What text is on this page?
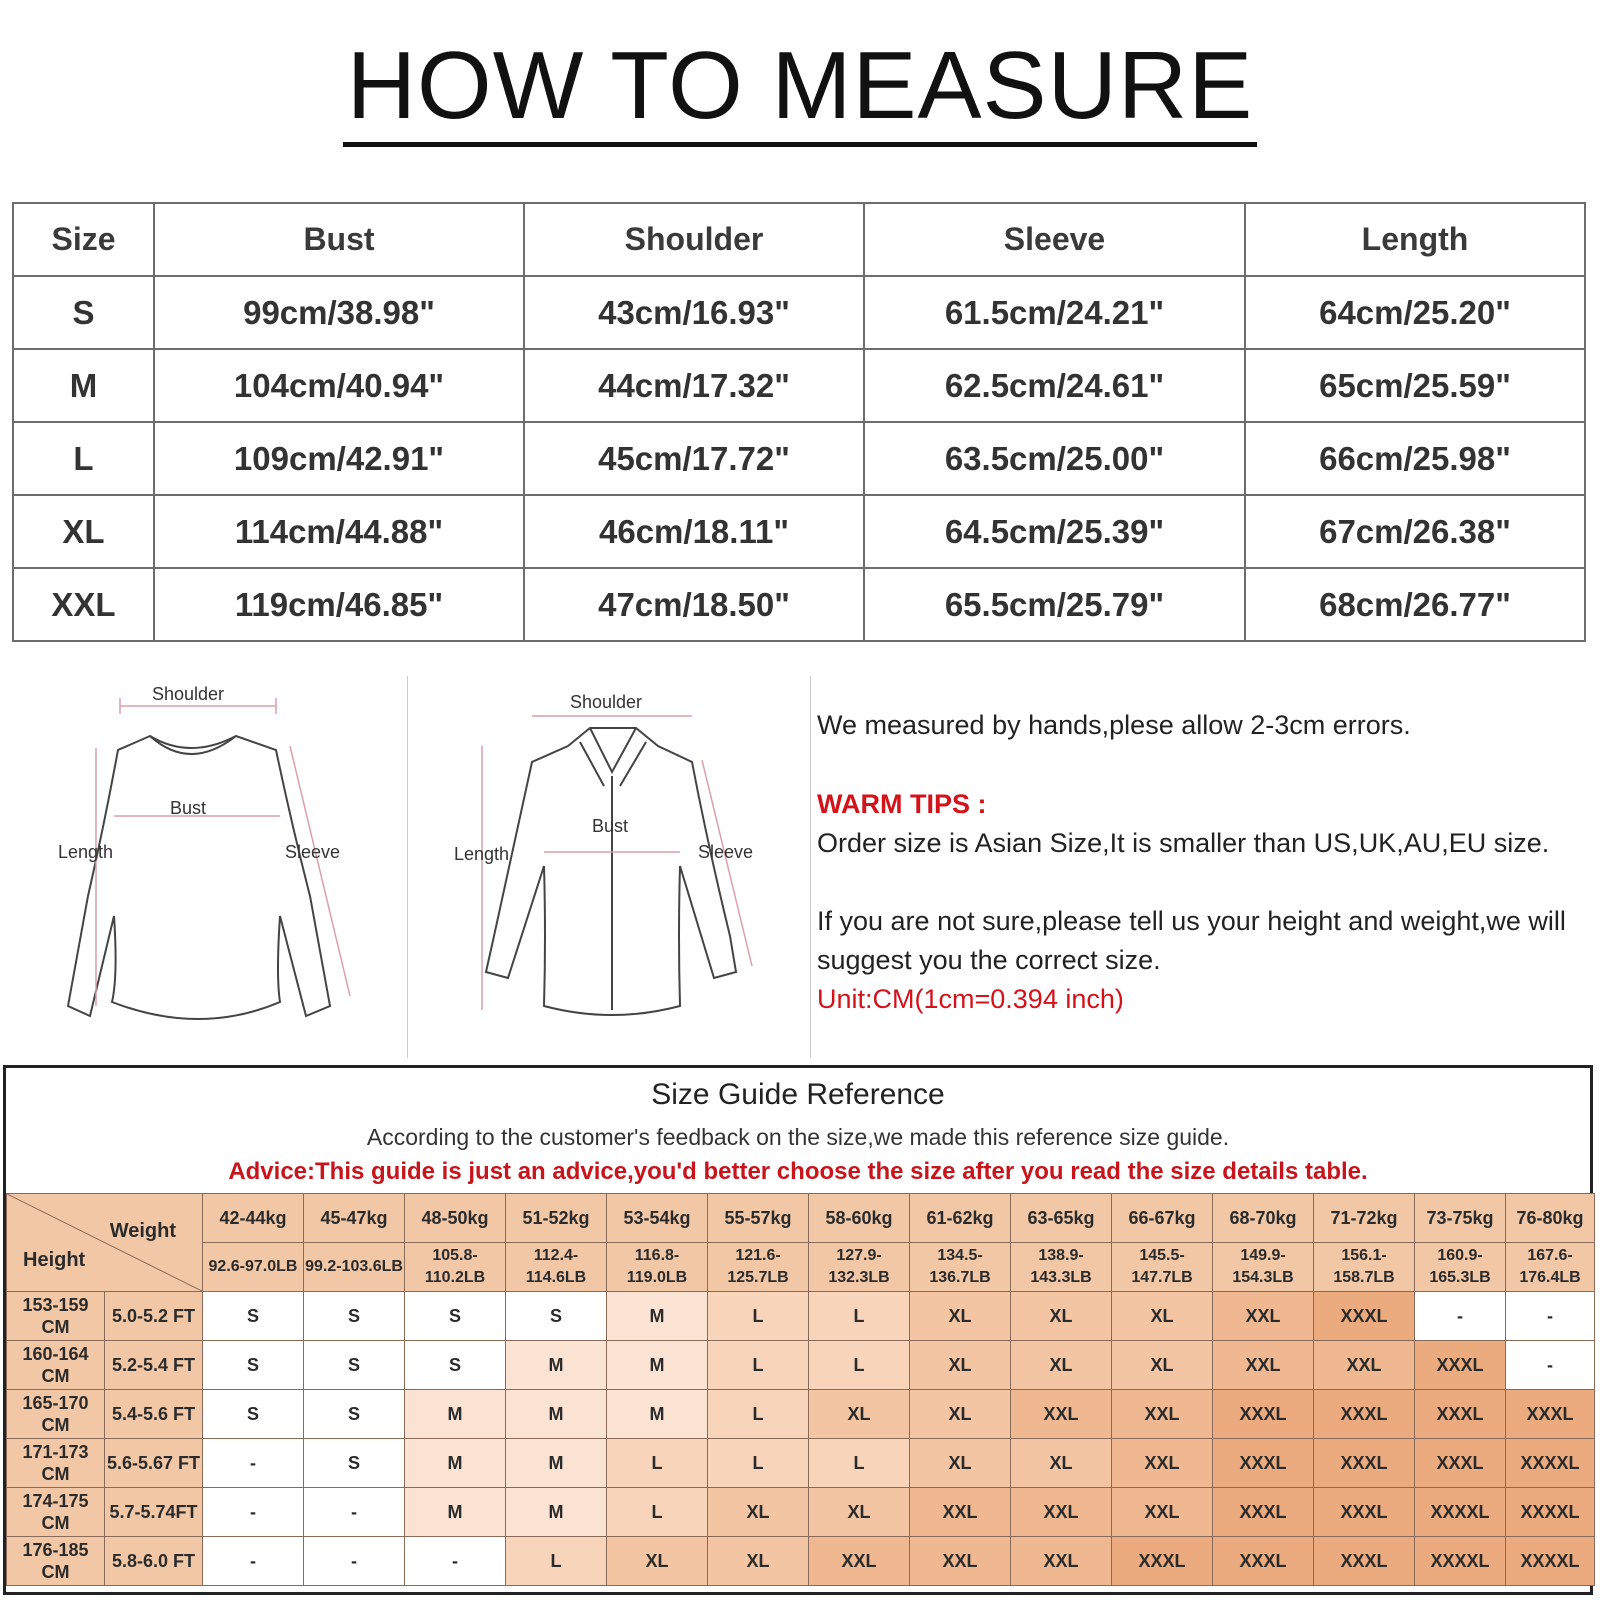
HOW TO MEASURE
Size	Bust	Shoulder	Sleeve	Length
S	99cm/38.98"	43cm/16.93"	61.5cm/24.21"	64cm/25.20"
M	104cm/40.94"	44cm/17.32"	62.5cm/24.61"	65cm/25.59"
L	109cm/42.91"	45cm/17.72"	63.5cm/25.00"	66cm/25.98"
XL	114cm/44.88"	46cm/18.11"	64.5cm/25.39"	67cm/26.38"
XXL	119cm/46.85"	47cm/18.50"	65.5cm/25.79"	68cm/26.77"
Shoulder
Bust
Length	Sleeve
Shoulder
Bust
Length	Sleeve

We measured by hands,plese allow 2-3cm errors.

WARM TIPS :

Order size is Asian Size,It is smaller than US,UK,AU,EU size.

If you are not sure,please tell us your height and weight,we will suggest you the correct size.

Unit:CM(1cm=0.394 inch)

Size Guide Reference
According to the customer's feedback on the size,we made this reference size guide.
Advice:This guide is just an advice,you'd better choose the size after you read the size details table.
Weight
Height		42-44kg	45-47kg	48-50kg	51-52kg	53-54kg	55-57kg	58-60kg	61-62kg	63-65kg	66-67kg	68-70kg	71-72kg	73-75kg	76-80kg
		92.6-97.0LB	99.2-103.6LB	105.8-110.2LB	112.4-114.6LB	116.8-119.0LB	121.6-125.7LB	127.9-132.3LB	134.5-136.7LB	138.9-143.3LB	145.5-147.7LB	149.9-154.3LB	156.1-158.7LB	160.9-165.3LB	167.6-176.4LB
153-159 CM	5.0-5.2 FT	S	S	S	S	M	L	L	XL	XL	XL	XXL	XXXL	-	-
160-164 CM	5.2-5.4 FT	S	S	S	M	M	L	L	XL	XL	XL	XXL	XXL	XXXL	-
165-170 CM	5.4-5.6 FT	S	S	M	M	M	L	XL	XL	XXL	XXL	XXXL	XXXL	XXXL	XXXL
171-173 CM	5.6-5.67 FT	-	S	M	M	L	L	L	XL	XL	XXL	XXXL	XXXL	XXXL	XXXXL
174-175 CM	5.7-5.74FT	-	-	M	M	L	XL	XL	XXL	XXL	XXL	XXXL	XXXL	XXXXL	XXXXL
176-185 CM	5.8-6.0 FT	-	-	-	L	XL	XL	XXL	XXL	XXL	XXXL	XXXL	XXXL	XXXXL	XXXXL
